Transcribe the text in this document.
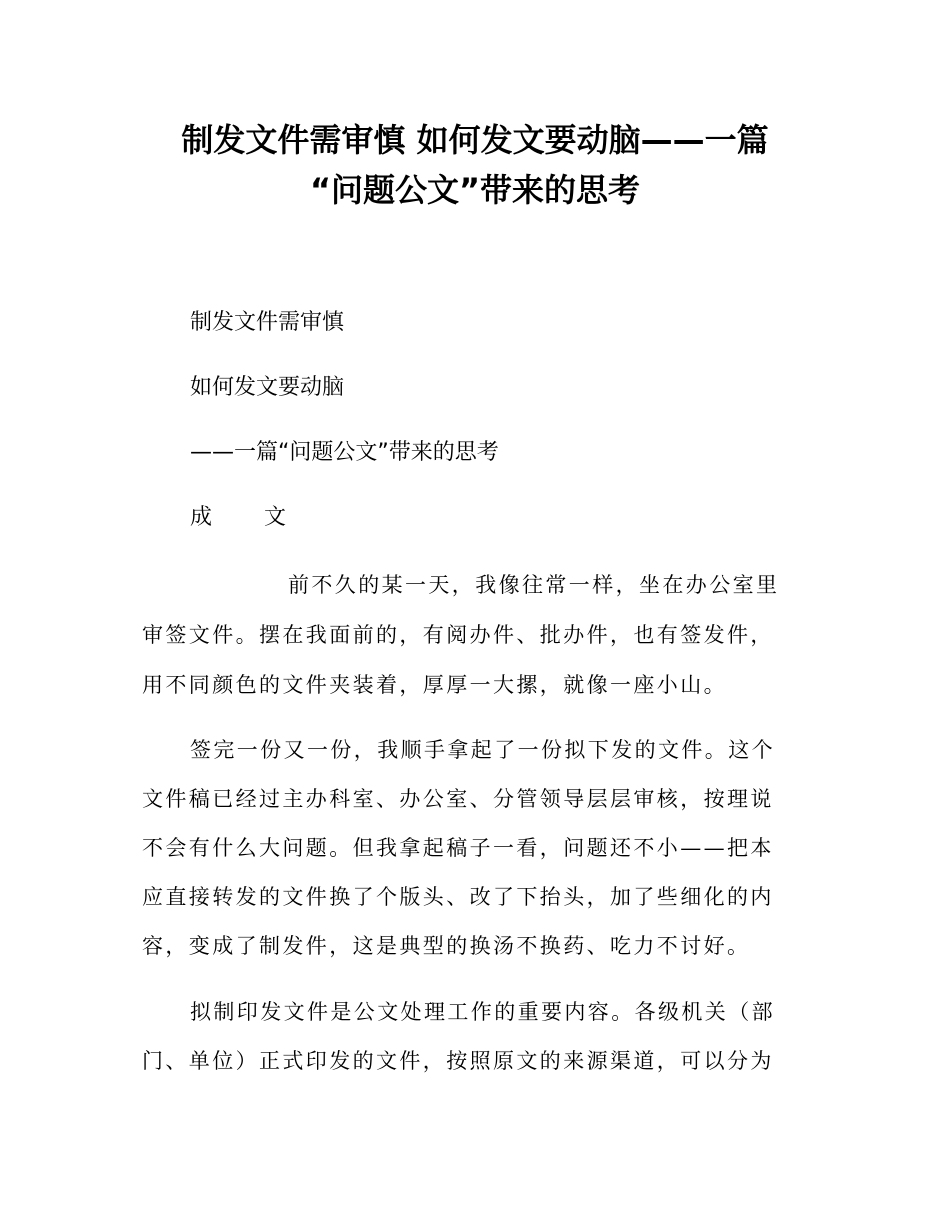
制发文件需审慎 如何发文要动脑——一篇
“问题公文”带来的思考
制发文件需审慎
如何发文要动脑
——一篇“问题公文”带来的思考
成 文
前不久的某一天，我像往常一样，坐在办公室里
审签文件。摆在我面前的，有阅办件、批办件，也有签发件，
用不同颜色的文件夹装着，厚厚一大摞，就像一座小山。
签完一份又一份，我顺手拿起了一份拟下发的文件。这个
文件稿已经过主办科室、办公室、分管领导层层审核，按理说
不会有什么大问题。但我拿起稿子一看，问题还不小——把本
应直接转发的文件换了个版头、改了下抬头，加了些细化的内
容，变成了制发件，这是典型的换汤不换药、吃力不讨好。
拟制印发文件是公文处理工作的重要内容。各级机关（部
门、单位）正式印发的文件，按照原文的来源渠道，可以分为
